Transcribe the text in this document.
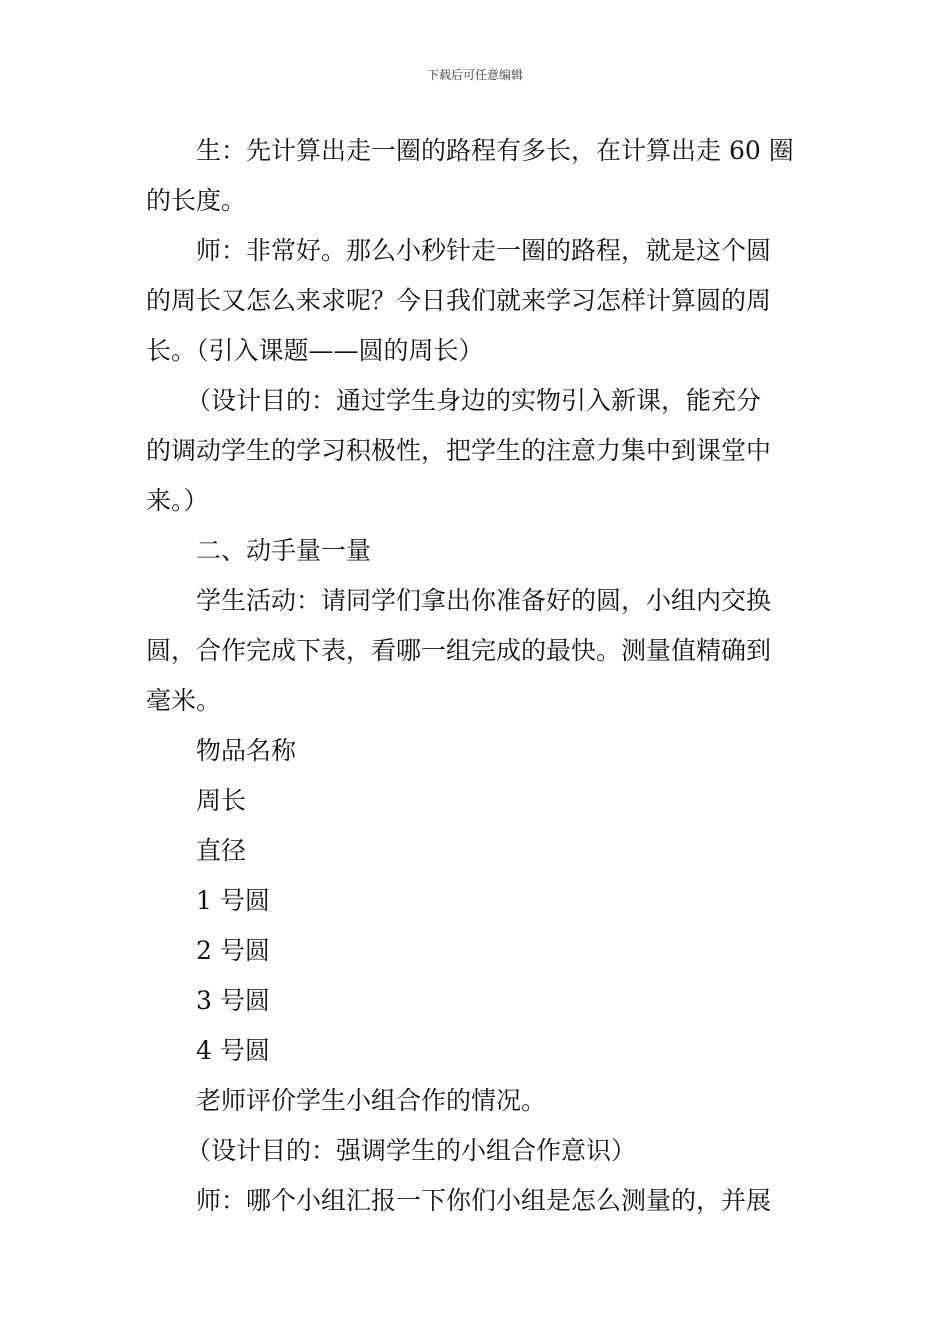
下载后可任意编辑
生：先计算出走一圈的路程有多长，在计算出走 60 圈
的长度。
师：非常好。那么小秒针走一圈的路程，就是这个圆
的周长又怎么来求呢？今日我们就来学习怎样计算圆的周
长。（引入课题——圆的周长）
（设计目的：通过学生身边的实物引入新课，能充分
的调动学生的学习积极性，把学生的注意力集中到课堂中
来。）
二、动手量一量
学生活动：请同学们拿出你准备好的圆，小组内交换
圆，合作完成下表，看哪一组完成的最快。测量值精确到
毫米。
物品名称
周长
直径
1 号圆
2 号圆
3 号圆
4 号圆
老师评价学生小组合作的情况。
（设计目的：强调学生的小组合作意识）
师：哪个小组汇报一下你们小组是怎么测量的，并展
